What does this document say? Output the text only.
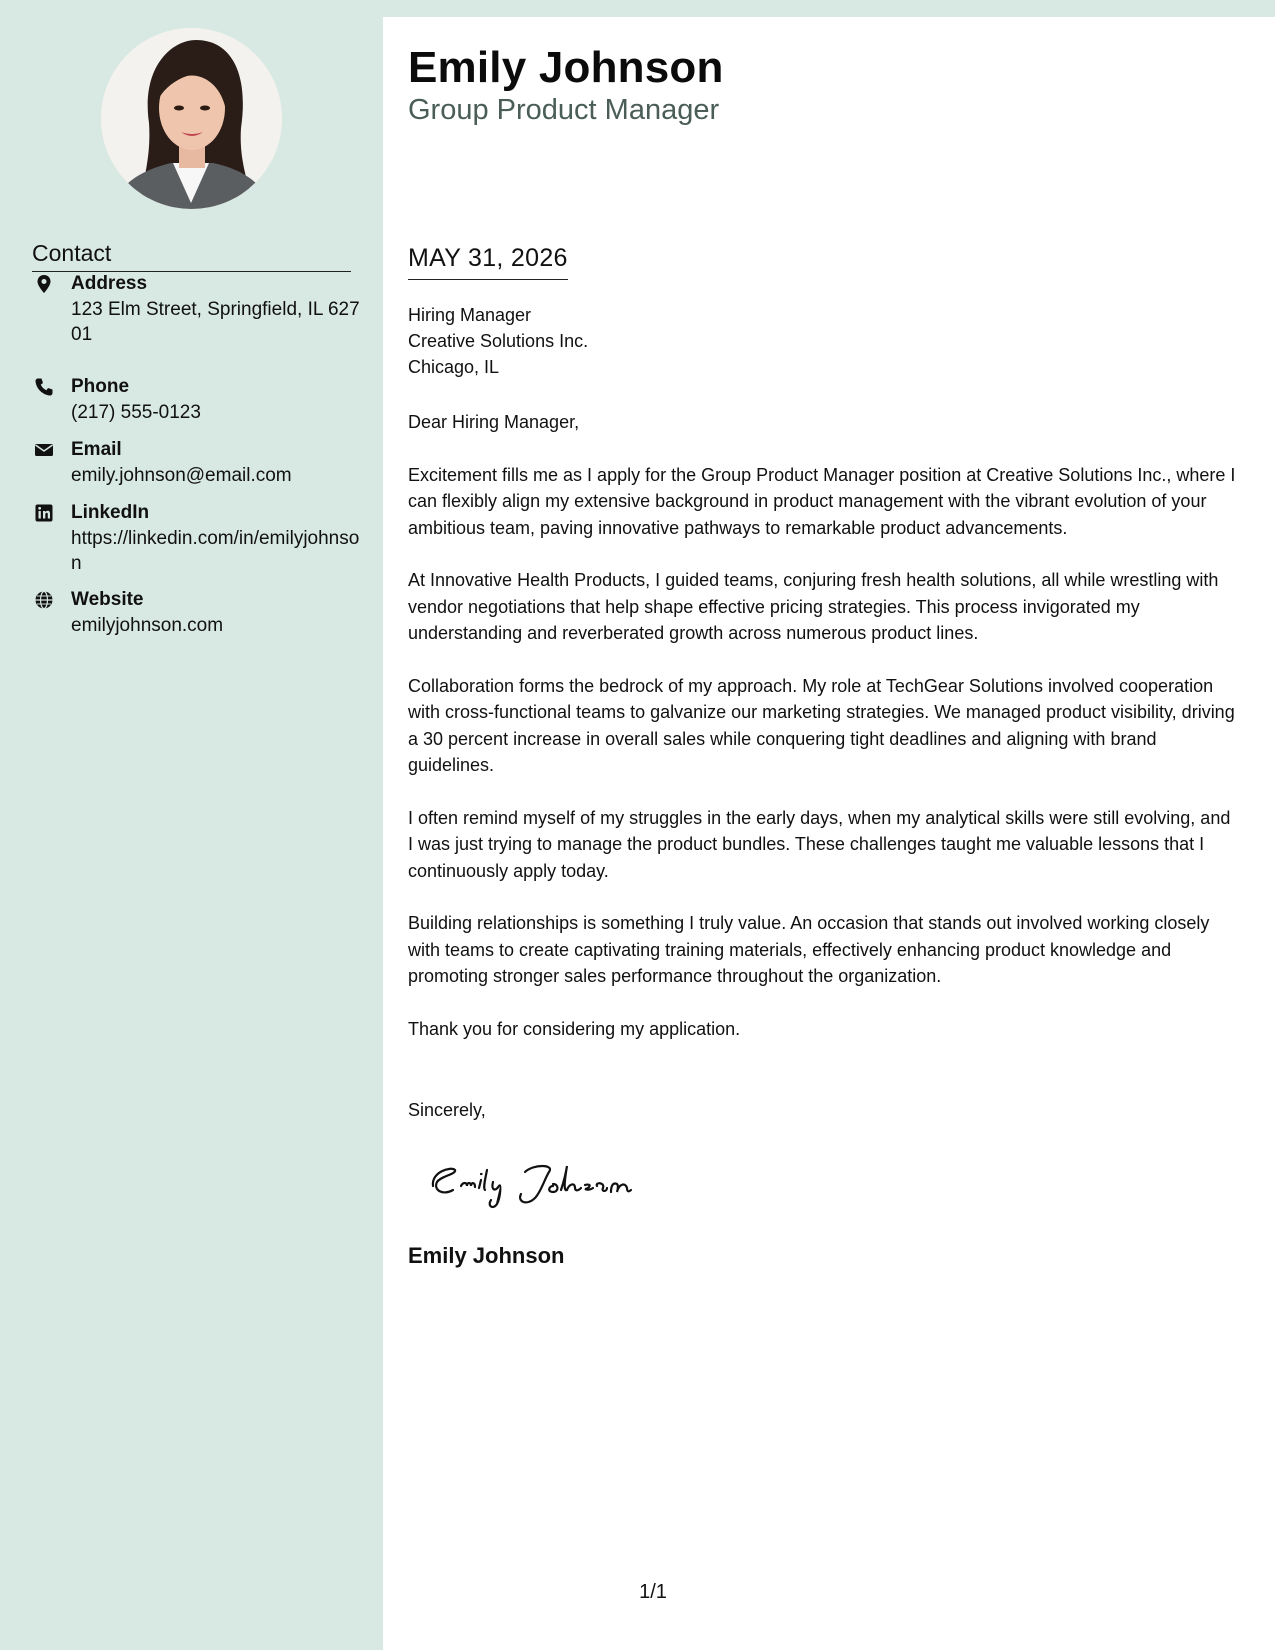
Contact
Address
123 Elm Street, Springfield, IL 62701
Phone
(217) 555-0123
Email
emily.johnson@email.com
LinkedIn
https://linkedin.com/in/emilyjohnson
Website
emilyjohnson.com
Emily Johnson
Group Product Manager
MAY 31, 2026
Hiring Manager
Creative Solutions Inc.
Chicago, IL

Dear Hiring Manager,

Excitement fills me as I apply for the Group Product Manager position at Creative Solutions Inc., where I can flexibly align my extensive background in product management with the vibrant evolution of your ambitious team, paving innovative pathways to remarkable product advancements.

At Innovative Health Products, I guided teams, conjuring fresh health solutions, all while wrestling with vendor negotiations that help shape effective pricing strategies. This process invigorated my understanding and reverberated growth across numerous product lines.

Collaboration forms the bedrock of my approach. My role at TechGear Solutions involved cooperation with cross-functional teams to galvanize our marketing strategies. We managed product visibility, driving a 30 percent increase in overall sales while conquering tight deadlines and aligning with brand guidelines.

I often remind myself of my struggles in the early days, when my analytical skills were still evolving, and I was just trying to manage the product bundles. These challenges taught me valuable lessons that I continuously apply today.

Building relationships is something I truly value. An occasion that stands out involved working closely with teams to create captivating training materials, effectively enhancing product knowledge and promoting stronger sales performance throughout the organization.

Thank you for considering my application.

Sincerely,
Emily Johnson
1/1
